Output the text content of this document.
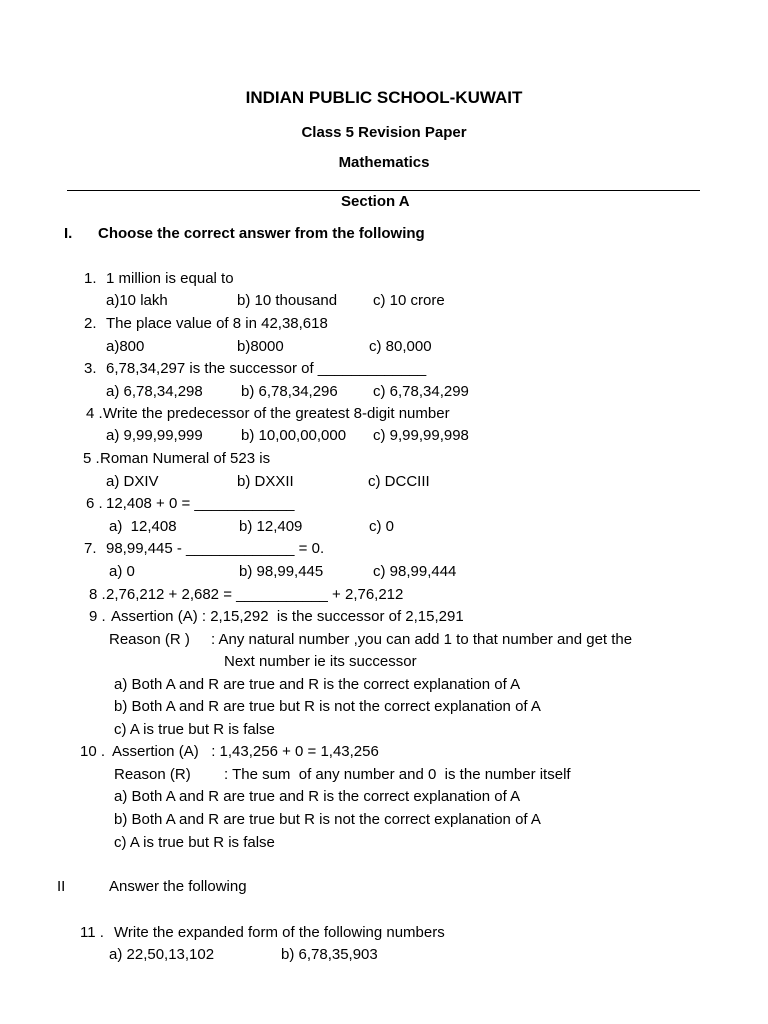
INDIAN PUBLIC SCHOOL-KUWAIT
Class 5 Revision Paper
Mathematics
Section A
I. Choose the correct answer from the following
1. 1 million is equal to
a)10 lakh	b) 10 thousand c) 10 crore
2. The place value of 8 in 42,38,618
a)800	b)8000	c) 80,000
3. 6,78,34,297 is the successor of _____________
a) 6,78,34,298	b) 6,78,34,296 c) 6,78,34,299
4 . Write the predecessor of the greatest 8-digit number
a) 9,99,99,999	b) 10,00,00,000 c) 9,99,99,998
5 . Roman Numeral of 523 is
a) DXIV	b) DXXII	c) DCCIII
6 . 12,408 + 0 = ____________
a)  12,408	b) 12,409	c) 0
7. 98,99,445 - _____________ = 0.
a) 0	b) 98,99,445	c) 98,99,444
8 . 2,76,212 + 2,682 = ___________ + 2,76,212
9 . Assertion (A) : 2,15,292  is the successor of 2,15,291
Reason (R ) : Any natural number ,you can add 1 to that number and get the
Next number ie its successor
a) Both A and R are true and R is the correct explanation of A
b) Both A and R are true but R is not the correct explanation of A
c) A is true but R is false
10 . Assertion (A)   : 1,43,256 + 0 = 1,43,256
Reason (R) : The sum  of any number and 0  is the number itself
a) Both A and R are true and R is the correct explanation of A
b) Both A and R are true but R is not the correct explanation of A
c) A is true but R is false
II	Answer the following
11 . Write the expanded form of the following numbers
a) 22,50,13,102	b) 6,78,35,903
